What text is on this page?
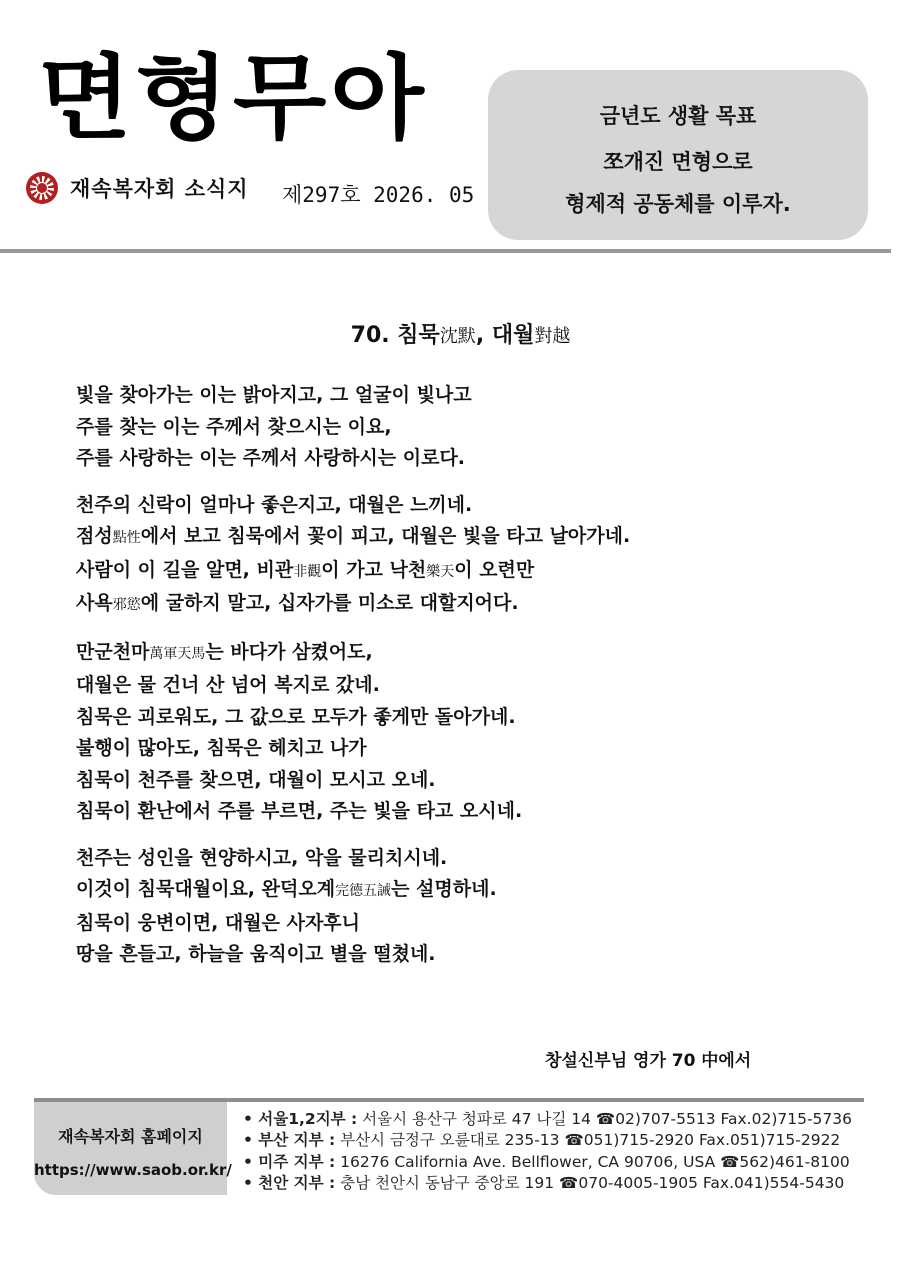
면형무아
재속복자회 소식지 제297호 2026. 05
금년도 생활 목표
쪼개진 면형으로
형제적 공동체를 이루자.
70. 침묵沈默, 대월對越
빛을 찾아가는 이는 밝아지고, 그 얼굴이 빛나고
주를 찾는 이는 주께서 찾으시는 이요,
주를 사랑하는 이는 주께서 사랑하시는 이로다.
천주의 신락이 얼마나 좋은지고, 대월은 느끼네.
점성點性에서 보고 침묵에서 꽃이 피고, 대월은 빛을 타고 날아가네.
사람이 이 길을 알면, 비관非觀이 가고 낙천樂天이 오련만
사욕邪慾에 굴하지 말고, 십자가를 미소로 대할지어다.
만군천마萬軍天馬는 바다가 삼켰어도,
대월은 물 건너 산 넘어 복지로 갔네.
침묵은 괴로워도, 그 값으로 모두가 좋게만 돌아가네.
불행이 많아도, 침묵은 헤치고 나가
침묵이 천주를 찾으면, 대월이 모시고 오네.
침묵이 환난에서 주를 부르면, 주는 빛을 타고 오시네.
천주는 성인을 현양하시고, 악을 물리치시네.
이것이 침묵대월이요, 완덕오계完德五誡는 설명하네.
침묵이 웅변이면, 대월은 사자후니
땅을 흔들고, 하늘을 움직이고 별을 떨쳤네.
창설신부님 영가 70 中에서
재속복자회 홈페이지
https://www.saob.or.kr/
• 서울1,2지부 : 서울시 용산구 청파로 47 나길 14 ☎02)707-5513 Fax.02)715-5736
• 부산 지부 : 부산시 금정구 오륜대로 235-13 ☎051)715-2920 Fax.051)715-2922
• 미주 지부 : 16276 California Ave. Bellflower, CA 90706, USA ☎562)461-8100
• 천안 지부 : 충남 천안시 동남구 중앙로 191 ☎070-4005-1905 Fax.041)554-5430
